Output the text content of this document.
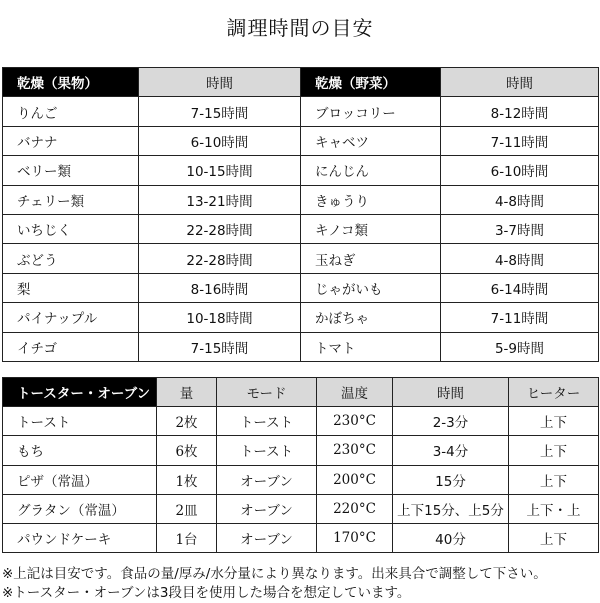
調理時間の目安
乾燥（果物）	時間	乾燥（野菜）	時間
りんご	7-15時間	ブロッコリー	8-12時間
バナナ	6-10時間	キャベツ	7-11時間
ベリー類	10-15時間	にんじん	6-10時間
チェリー類	13-21時間	きゅうり	4-8時間
いちじく	22-28時間	キノコ類	3-7時間
ぶどう	22-28時間	玉ねぎ	4-8時間
梨	8-16時間	じゃがいも	6-14時間
パイナップル	10-18時間	かぼちゃ	7-11時間
イチゴ	7-15時間	トマト	5-9時間
トースター・オーブン	量	モード	温度	時間	ヒーター
トースト	2枚	トースト	230°C	2-3分	上下
もち	6枚	トースト	230°C	3-4分	上下
ピザ（常温）	1枚	オーブン	200°C	15分	上下
グラタン（常温）	2皿	オーブン	220°C	上下15分、上5分	上下・上
パウンドケーキ	1台	オーブン	170°C	40分	上下
※上記は目安です。食品の量/厚み/水分量により異なります。出来具合で調整して下さい。
※トースター・オーブンは3段目を使用した場合を想定しています。
